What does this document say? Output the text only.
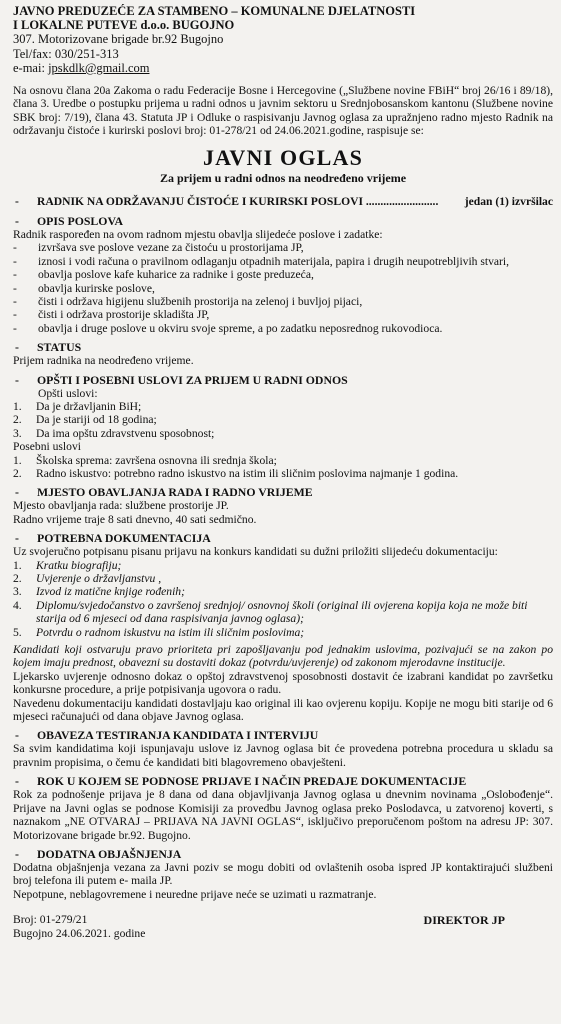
JAVNO PREDUZEĆE ZA STAMBENO – KOMUNALNE DJELATNOSTI
I LOKALNE PUTEVE d.o.o. BUGOJNO
307. Motorizovane brigade br.92 Bugojno
Tel/fax: 030/251-313
e-mai: jpskdlk@gmail.com
Na osnovu člana 20a Zakoma o radu Federacije Bosne i Hercegovine („Službene novine FBiH“ broj 26/16 i 89/18), člana 3. Uredbe o postupku prijema u radni odnos u javnim sektoru u Srednjobosanskom kantonu (Službene novine SBK broj: 7/19), člana 43. Statuta JP i Odluke o raspisivanju Javnog oglasa za upražnjeno radno mjesto Radnik na održavanju čistoće i kurirski poslovi broj: 01-278/21 od 24.06.2021.godine, raspisuje se:
JAVNI OGLAS
Za prijem u radni odnos na neodređeno vrijeme
-	RADNIK NA ODRŽAVANJU ČISTOĆE I KURIRSKI POSLOVI .........................	jedan (1) izvršilac
-	OPIS POSLOVA
Radnik raspoređen na ovom radnom mjestu obavlja slijedeće poslove i zadatke:
-	izvršava sve poslove vezane za čistoću u prostorijama JP,
-	iznosi i vodi računa o pravilnom odlaganju otpadnih materijala, papira i drugih neupotrebljivih stvari,
-	obavlja poslove kafe kuharice za radnike i goste preduzeća,
-	obavlja kurirske poslove,
-	čisti i održava higijenu službenih prostorija na zelenoj i buvljoj pijaci,
-	čisti i održava prostorije skladišta JP,
-	obavlja i druge poslove u okviru svoje spreme, a po zadatku neposrednog rukovodioca.
-	STATUS
Prijem radnika na neodređeno vrijeme.
-	OPŠTI I POSEBNI USLOVI ZA PRIJEM U RADNI ODNOS
Opšti uslovi:
1.	Da je državljanin BiH;
2.	Da je stariji od 18 godina;
3.	Da ima opštu zdravstvenu sposobnost;
Posebni uslovi
1.	Školska sprema: završena osnovna ili srednja škola;
2.	Radno iskustvo: potrebno radno iskustvo na istim ili sličnim poslovima najmanje 1 godina.
-	MJESTO OBAVLJANJA RADA I RADNO VRIJEME
Mjesto obavljanja rada: službene prostorije JP.
Radno vrijeme traje 8 sati dnevno, 40 sati sedmično.
-	POTREBNA DOKUMENTACIJA
Uz svojeručno potpisanu pisanu prijavu na konkurs kandidati su dužni priložiti slijedeću dokumentaciju:
1.	Kratku biografiju;
2.	Uvjerenje o državljanstvu ,
3.	Izvod iz matične knjige rođenih;
4.	Diplomu/svjedočanstvo o završenoj srednjoj/ osnovnoj školi (original ili ovjerena kopija koja ne može biti starija od 6 mjeseci od dana raspisivanja javnog oglasa);
5.	Potvrdu o radnom iskustvu na istim ili sličnim poslovima;
Kandidati koji ostvaruju pravo prioriteta pri zapošljavanju pod jednakim uslovima, pozivajući se na zakon po kojem imaju prednost, obavezni su dostaviti dokaz (potvrdu/uvjerenje) od zakonom mjerodavne institucije.
Ljekarsko uvjerenje odnosno dokaz o opštoj zdravstvenoj sposobnosti dostavit će izabrani kandidat po završetku konkursne procedure, a prije potpisivanja ugovora o radu.
Navedenu dokumentaciju kandidati dostavljaju kao original ili kao ovjerenu kopiju. Kopije ne mogu biti starije od 6 mjeseci računajući od dana objave Javnog oglasa.
-	OBAVEZA TESTIRANJA KANDIDATA I INTERVIJU
Sa svim kandidatima koji ispunjavaju uslove iz Javnog oglasa bit će provedena potrebna procedura u skladu sa pravnim propisima, o čemu će kandidati biti blagovremeno obavješteni.
-	ROK U KOJEM SE PODNOSE PRIJAVE I NAČIN PREDAJE DOKUMENTACIJE
Rok za podnošenje prijava je 8 dana od dana objavljivanja Javnog oglasa u dnevnim novinama „Oslobođenje“. Prijave na Javni oglas se podnose Komisiji za provedbu Javnog oglasa preko Poslodavca, u zatvorenoj koverti, s naznakom „NE OTVARAJ – PRIJAVA NA JAVNI OGLAS“, isključivo preporučenom poštom na adresu JP: 307. Motorizovane brigade br.92. Bugojno.
-	DODATNA OBJAŠNJENJA
Dodatna objašnjenja vezana za Javni poziv se mogu dobiti od ovlaštenih osoba ispred JP kontaktirajući službeni broj telefona ili putem e- maila JP.
Nepotpune, neblagovremene i neuredne prijave neće se uzimati u razmatranje.
Broj: 01-279/21
Bugojno 24.06.2021. godine
DIREKTOR JP
